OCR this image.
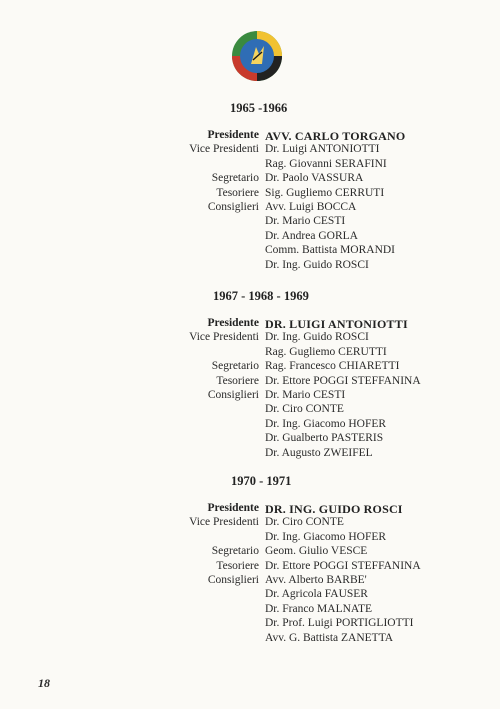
1965 -1966
Presidente AVV. CARLO TORGANO
Vice Presidenti Dr. Luigi ANTONIOTTI
Rag. Giovanni SERAFINI
Segretario Dr. Paolo VASSURA
Tesoriere Sig. Gugliemo CERRUTI
Consiglieri Avv. Luigi BOCCA
Dr. Mario CESTI
Dr. Andrea GORLA
Comm. Battista MORANDI
Dr. Ing. Guido ROSCI
1967 - 1968 - 1969
Presidente DR. LUIGI ANTONIOTTI
Vice Presidenti Dr. Ing. Guido ROSCI
Rag. Gugliemo CERUTTI
Segretario Rag. Francesco CHIARETTI
Tesoriere Dr. Ettore POGGI STEFFANINA
Consiglieri Dr. Mario CESTI
Dr. Ciro CONTE
Dr. Ing. Giacomo HOFER
Dr. Gualberto PASTERIS
Dr. Augusto ZWEIFEL
1970 - 1971
Presidente DR. ING. GUIDO ROSCI
Vice Presidenti Dr. Ciro CONTE
Dr. Ing. Giacomo HOFER
Segretario Geom. Giulio VESCE
Tesoriere Dr. Ettore POGGI STEFFANINA
Consiglieri Avv. Alberto BARBE'
Dr. Agricola FAUSER
Dr. Franco MALNATE
Dr. Prof. Luigi PORTIGLIOTTI
Avv. G. Battista ZANETTA
18
